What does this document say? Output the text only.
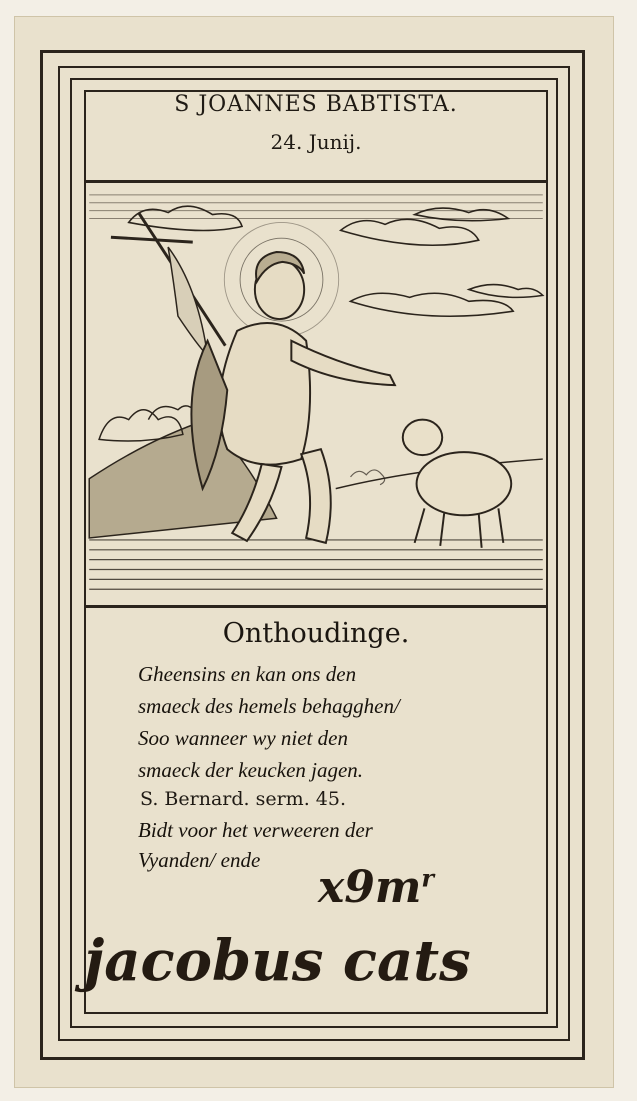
S JOANNES BABTISTA.
24. Junij.
Onthoudinge.
Gheensins en kan ons den
smaeck des hemels behagghen/
Soo wanneer wy niet den
smaeck der keucken jagen.
S. Bernard. serm. 45.
Bidt voor het verweeren der
Vyanden/ ende
$x9m^r$
jacobus cats
